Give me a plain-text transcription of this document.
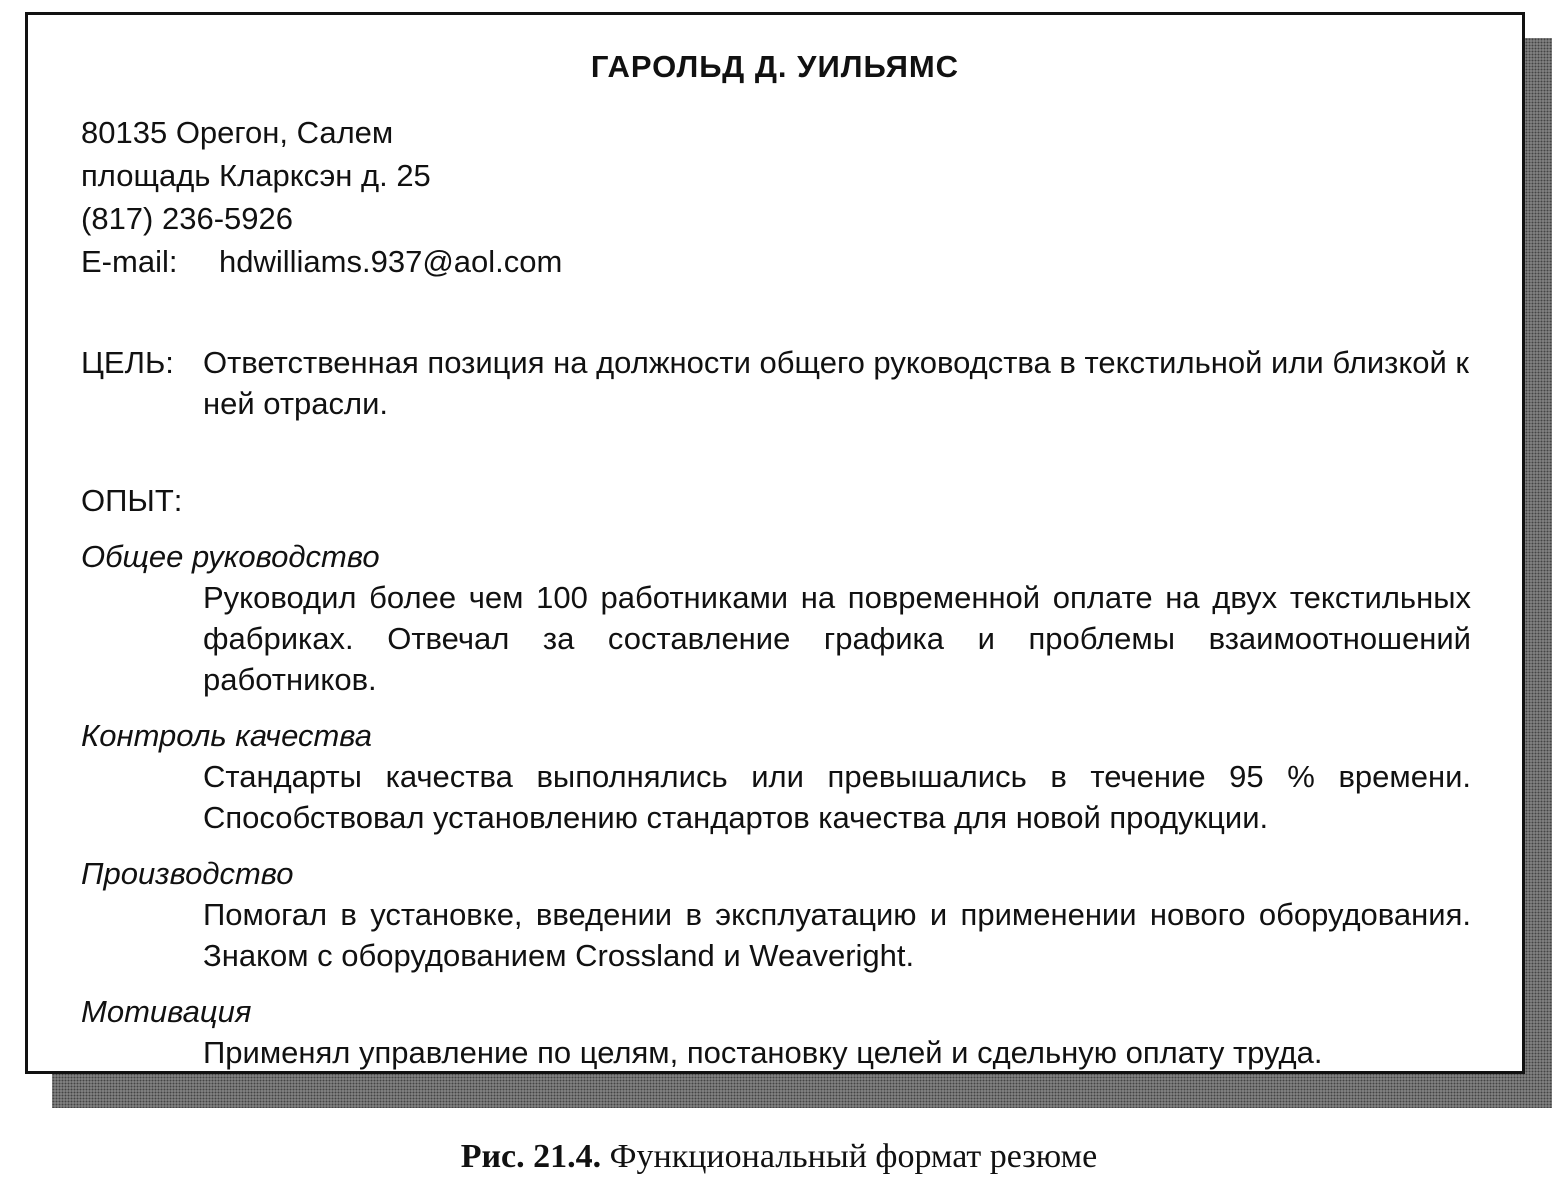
ГАРОЛЬД Д. УИЛЬЯМС
80135 Орегон, Салем
площадь Кларксэн д. 25
(817) 236-5926
E-mail: hdwilliams.937@aol.com
ЦЕЛЬ: Ответственная позиция на должности общего руководства в текстильной или близкой к ней отрасли.
ОПЫТ:
Общее руководство
Руководил более чем 100 работниками на повременной оплате на двух текстильных фабриках. Отвечал за составление графика и проблемы взаимоотношений работников.
Контроль качества
Стандарты качества выполнялись или превышались в течение 95 % времени. Способствовал установлению стандартов качества для новой продукции.
Производство
Помогал в установке, введении в эксплуатацию и применении нового оборудования. Знаком с оборудованием Crossland и Weaveright.
Мотивация
Применял управление по целям, постановку целей и сдельную оплату труда.
Рис. 21.4. Функциональный формат резюме
